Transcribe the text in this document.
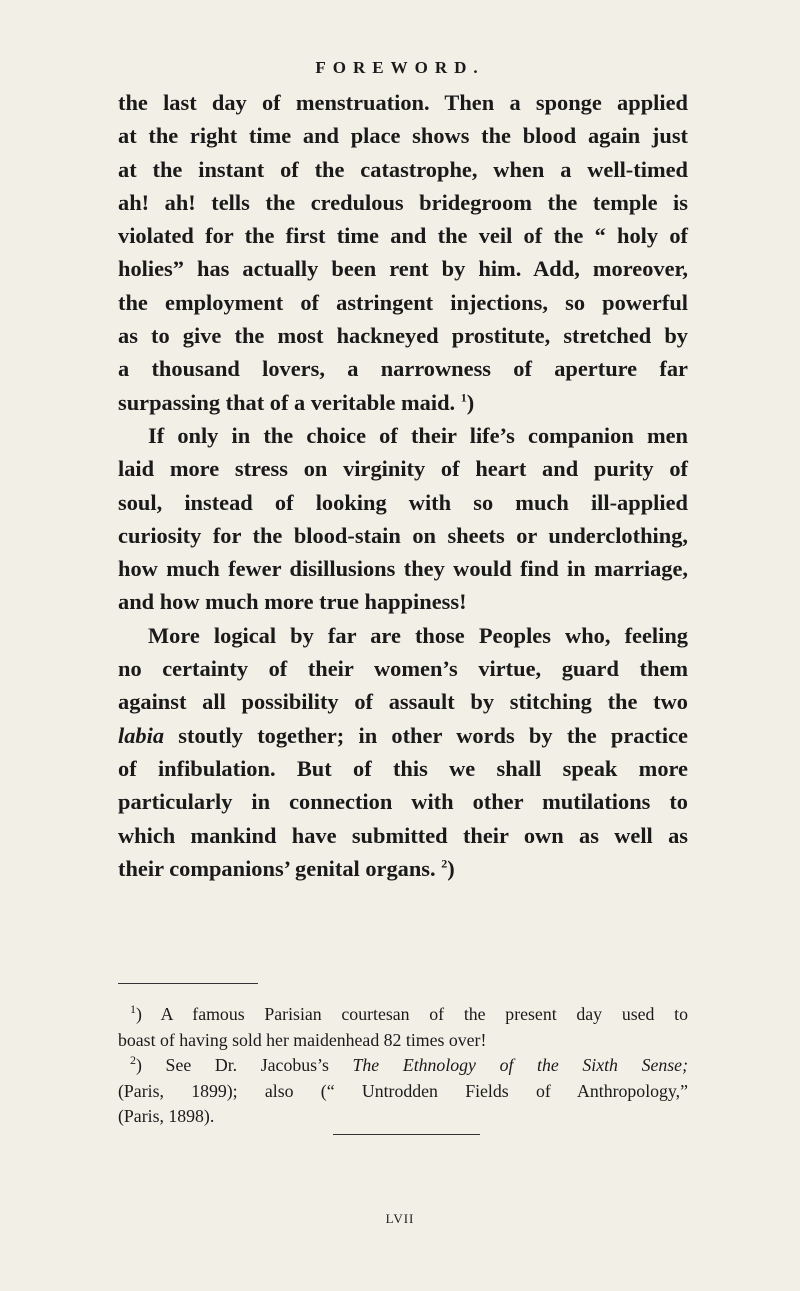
FOREWORD.
the last day of menstruation. Then a sponge applied
at the right time and place shows the blood again just
at the instant of the catastrophe, when a well-timed
ah! ah! tells the credulous bridegroom the temple is
violated for the first time and the veil of the “ holy of
holies” has actually been rent by him. Add, moreover,
the employment of astringent injections, so powerful
as to give the most hackneyed prostitute, stretched by
a thousand lovers, a narrowness of aperture far
surpassing that of a veritable maid. $^1$)
If only in the choice of their life’s companion men
laid more stress on virginity of heart and purity of
soul, instead of looking with so much ill-applied
curiosity for the blood-stain on sheets or underclothing,
how much fewer disillusions they would find in marriage,
and how much more true happiness!
More logical by far are those Peoples who, feeling
no certainty of their women’s virtue, guard them
against all possibility of assault by stitching the two
labia stoutly together; in other words by the practice
of infibulation. But of this we shall speak more
particularly in connection with other mutilations to
which mankind have submitted their own as well as
their companions’ genital organs. $^2$)
$^1$) A famous Parisian courtesan of the present day used to
boast of having sold her maidenhead 82 times over!
$^2$) See Dr. Jacobus’s The Ethnology of the Sixth Sense;
(Paris, 1899); also (“ Untrodden Fields of Anthropology,”
(Paris, 1898).
LVII
